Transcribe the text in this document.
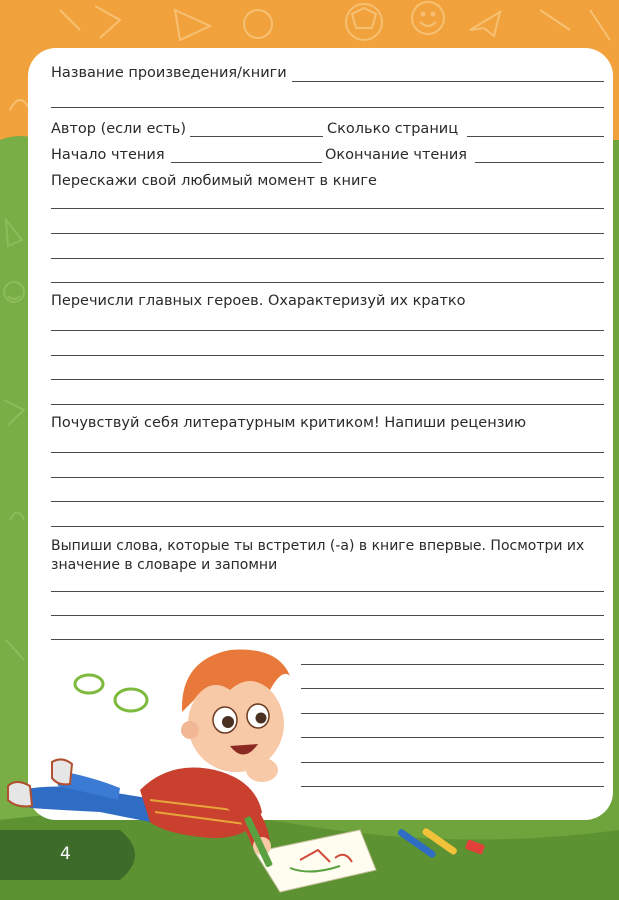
Название произведения/книги
Автор (если есть)	Сколько страниц
Начало чтения	Окончание чтения
Перескажи свой любимый момент в книге
Перечисли главных героев. Охарактеризуй их кратко
Почувствуй себя литературным критиком! Напиши рецензию
Выпиши слова, которые ты встретил (-а) в книге впервые. Посмотри их
значение в словаре и запомни
4
